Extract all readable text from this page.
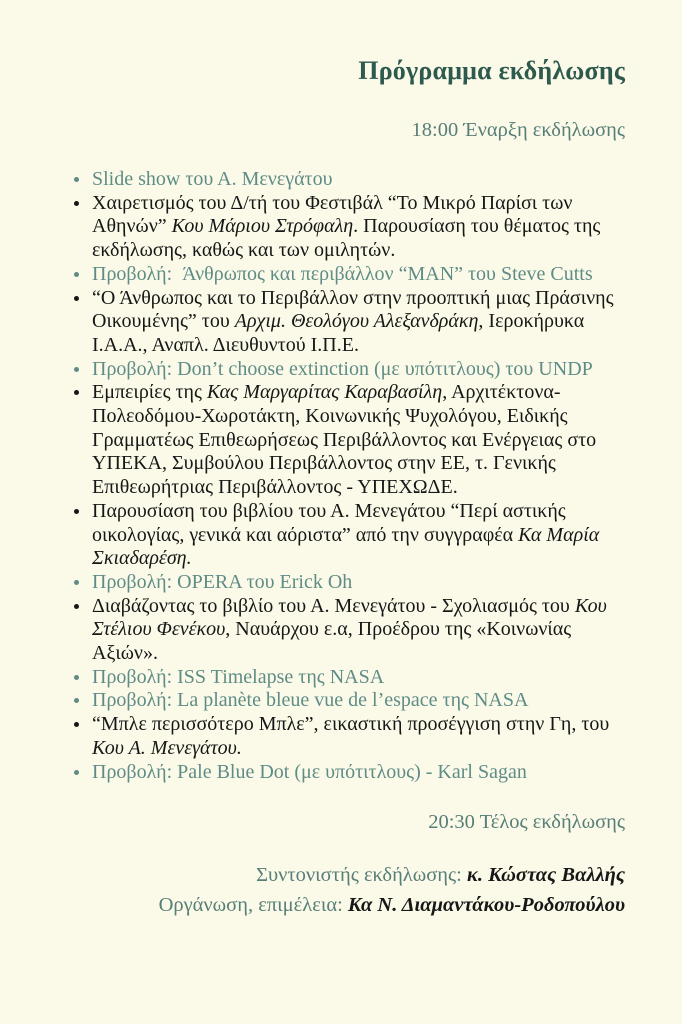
Πρόγραμμα εκδήλωσης
18:00 Έναρξη εκδήλωσης
• Slide show του Α. Μενεγάτου
• Χαιρετισμός του Δ/τή του Φεστιβάλ “Το Μικρό Παρίσι των Αθηνών” Κου Μάριου Στρόφαλη. Παρουσίαση του θέματος της εκδήλωσης, καθώς και των ομιλητών.
• Προβολή:  Άνθρωπος και περιβάλλον “MAN” του Steve Cutts
• “Ο Άνθρωπος και το Περιβάλλον στην προοπτική μιας Πράσινης Οικουμένης” του Αρχιμ. Θεολόγου Αλεξανδράκη, Ιεροκήρυκα Ι.Α.Α., Αναπλ. Διευθυντού Ι.Π.Ε.
• Προβολή: Don’t choose extinction (με υπότιτλους) του UNDP
• Εμπειρίες της Κας Μαργαρίτας Καραβασίλη, Αρχιτέκτονα-Πολεοδόμου-Χωροτάκτη, Κοινωνικής Ψυχολόγου, Ειδικής Γραμματέως Επιθεωρήσεως Περιβάλλοντος και Ενέργειας στο ΥΠΕΚΑ, Συμβούλου Περιβάλλοντος στην ΕΕ, τ. Γενικής Επιθεωρήτριας Περιβάλλοντος - ΥΠΕΧΩΔΕ.
• Παρουσίαση του βιβλίου του Α. Μενεγάτου “Περί αστικής οικολογίας, γενικά και αόριστα” από την συγγραφέα Κα Μαρία Σκιαδαρέση.
• Προβολή: OPERA του Erick Oh
• Διαβάζοντας το βιβλίο του Α. Μενεγάτου - Σχολιασμός του Κου Στέλιου Φενέκου, Ναυάρχου ε.α, Προέδρου της «Κοινωνίας Αξιών».
• Προβολή: ISS Timelapse της NASA
• Προβολή: La planète bleue vue de l’espace της NASA
• “Μπλε περισσότερο Μπλε”, εικαστική προσέγγιση στην Γη, του Κου Α. Μενεγάτου.
• Προβολή: Pale Blue Dot (με υπότιτλους) - Karl Sagan
20:30 Τέλος εκδήλωσης
Συντονιστής εκδήλωσης: κ. Κώστας Βαλλής
Οργάνωση, επιμέλεια: Κα Ν. Διαμαντάκου-Ροδοπούλου
